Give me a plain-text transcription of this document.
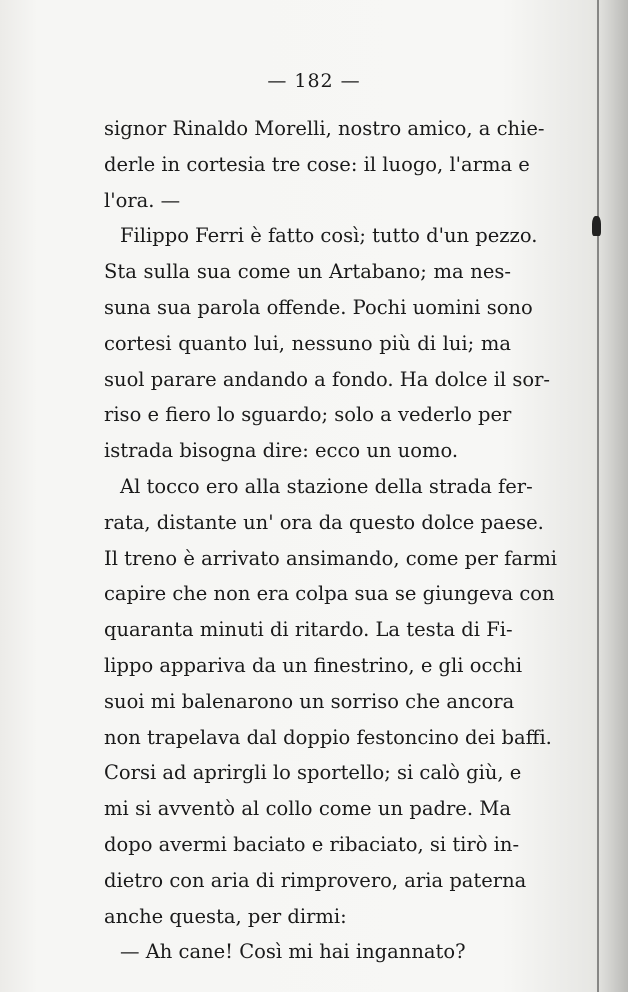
— 182 —
signor Rinaldo Morelli, nostro amico, a chie-
derle in cortesia tre cose: il luogo, l'arma e
l'ora. —
Filippo Ferri è fatto così; tutto d'un pezzo.
Sta sulla sua come un Artabano; ma nes-
suna sua parola offende. Pochi uomini sono
cortesi quanto lui, nessuno più di lui; ma
suol parare andando a fondo. Ha dolce il sor-
riso e fiero lo sguardo; solo a vederlo per
istrada bisogna dire: ecco un uomo.
Al tocco ero alla stazione della strada fer-
rata, distante un' ora da questo dolce paese.
Il treno è arrivato ansimando, come per farmi
capire che non era colpa sua se giungeva con
quaranta minuti di ritardo. La testa di Fi-
lippo appariva da un finestrino, e gli occhi
suoi mi balenarono un sorriso che ancora
non trapelava dal doppio festoncino dei baffi.
Corsi ad aprirgli lo sportello; si calò giù, e
mi si avventò al collo come un padre. Ma
dopo avermi baciato e ribaciato, si tirò in-
dietro con aria di rimprovero, aria paterna
anche questa, per dirmi:
— Ah cane! Così mi hai ingannato?
